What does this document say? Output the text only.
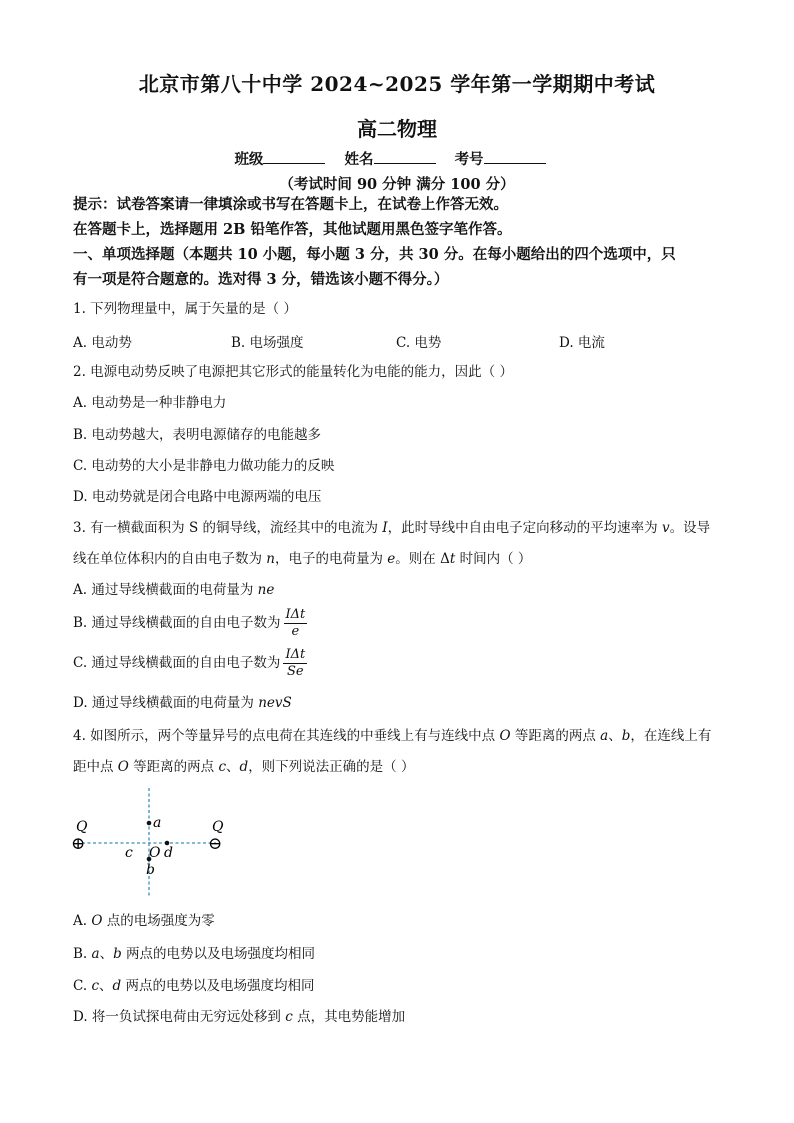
北京市第八十中学 2024~2025 学年第一学期期中考试
高二物理
班级	姓名	考号
（考试时间 90 分钟 满分 100 分）
提示：试卷答案请一律填涂或书写在答题卡上，在试卷上作答无效。
在答题卡上，选择题用 2B 铅笔作答，其他试题用黑色签字笔作答。
一、单项选择题（本题共 10 小题，每小题 3 分，共 30 分。在每小题给出的四个选项中，只
有一项是符合题意的。选对得 3 分，错选该小题不得分。）
1. 下列物理量中，属于矢量的是（ ）
A. 电动势	B. 电场强度	C. 电势	D. 电流
2. 电源电动势反映了电源把其它形式的能量转化为电能的能力，因此（ ）
A. 电动势是一种非静电力
B. 电动势越大，表明电源储存的电能越多
C. 电动势的大小是非静电力做功能力的反映
D. 电动势就是闭合电路中电源两端的电压
3. 有一横截面积为 S 的铜导线，流经其中的电流为 I，此时导线中自由电子定向移动的平均速率为 v。设导
线在单位体积内的自由电子数为 n，电子的电荷量为 e。则在 Δt 时间内（ ）
A. 通过导线横截面的电荷量为 ne
B. 通过导线横截面的自由电子数为 $\frac{\text{IΔt}}{e}$
C. 通过导线横截面的自由电子数为 $\frac{\text{IΔt}}{Se}$
D. 通过导线横截面的电荷量为 nevS
4. 如图所示，两个等量异号的点电荷在其连线的中垂线上有与连线中点 O 等距离的两点 a、b，在连线上有
距中点 O 等距离的两点 c、d，则下列说法正确的是（ ）
Q	Q
⊕	⊖
a
b
c d
O
A. O 点的电场强度为零
B. a、b 两点的电势以及电场强度均相同
C. c、d 两点的电势以及电场强度均相同
D. 将一负试探电荷由无穷远处移到 c 点，其电势能增加
